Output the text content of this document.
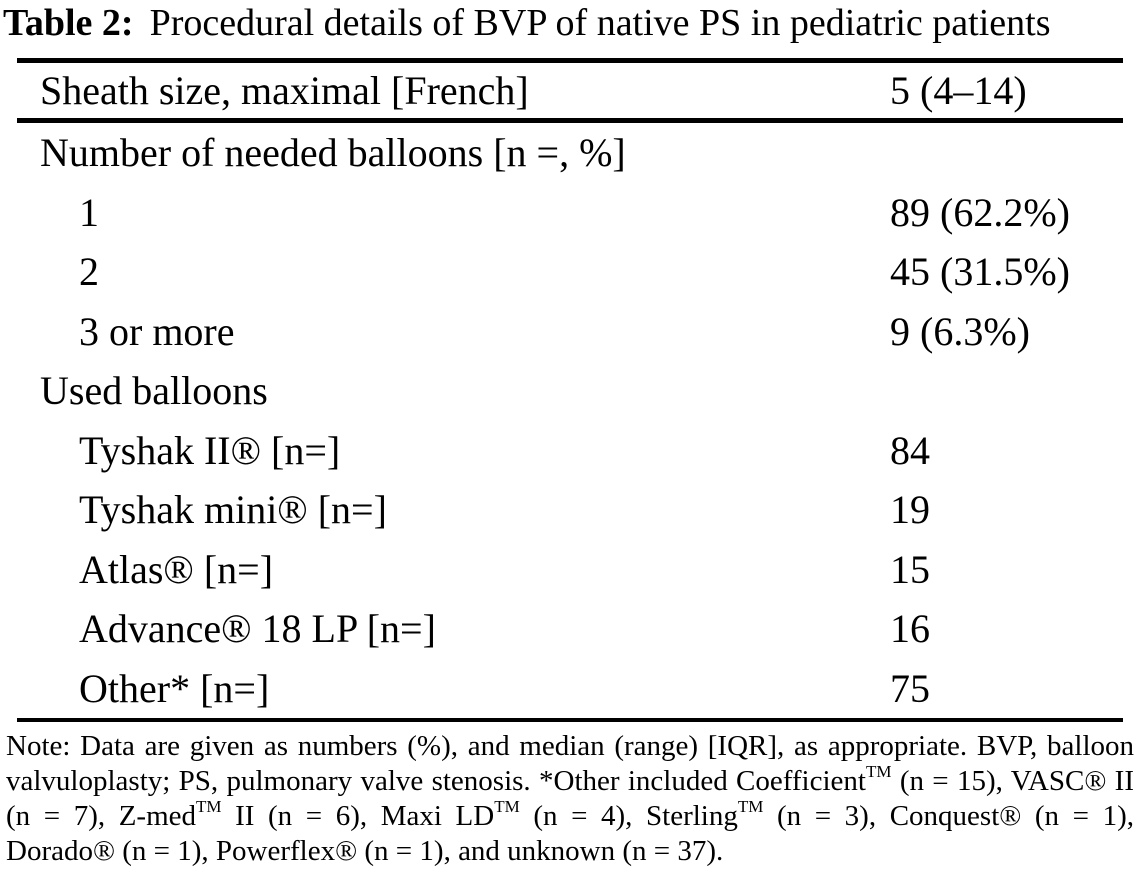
Table 2: Procedural details of BVP of native PS in pediatric patients
Sheath size, maximal [French]	5 (4–14)
Number of needed balloons [n =, %]
1	89 (62.2%)
2	45 (31.5%)
3 or more	9 (6.3%)
Used balloons
Tyshak II® [n=]	84
Tyshak mini® [n=]	19
Atlas® [n=]	15
Advance® 18 LP [n=]	16
Other* [n=]	75
Note: Data are given as numbers (%), and median (range) [IQR], as appropriate. BVP, balloon
valvuloplasty; PS, pulmonary valve stenosis. *Other included Coefficient™ (n = 15), VASC® II
(n = 7), Z-med™ II (n = 6), Maxi LD™ (n = 4), Sterling™ (n = 3), Conquest® (n = 1),
Dorado® (n = 1), Powerflex® (n = 1), and unknown (n = 37).
